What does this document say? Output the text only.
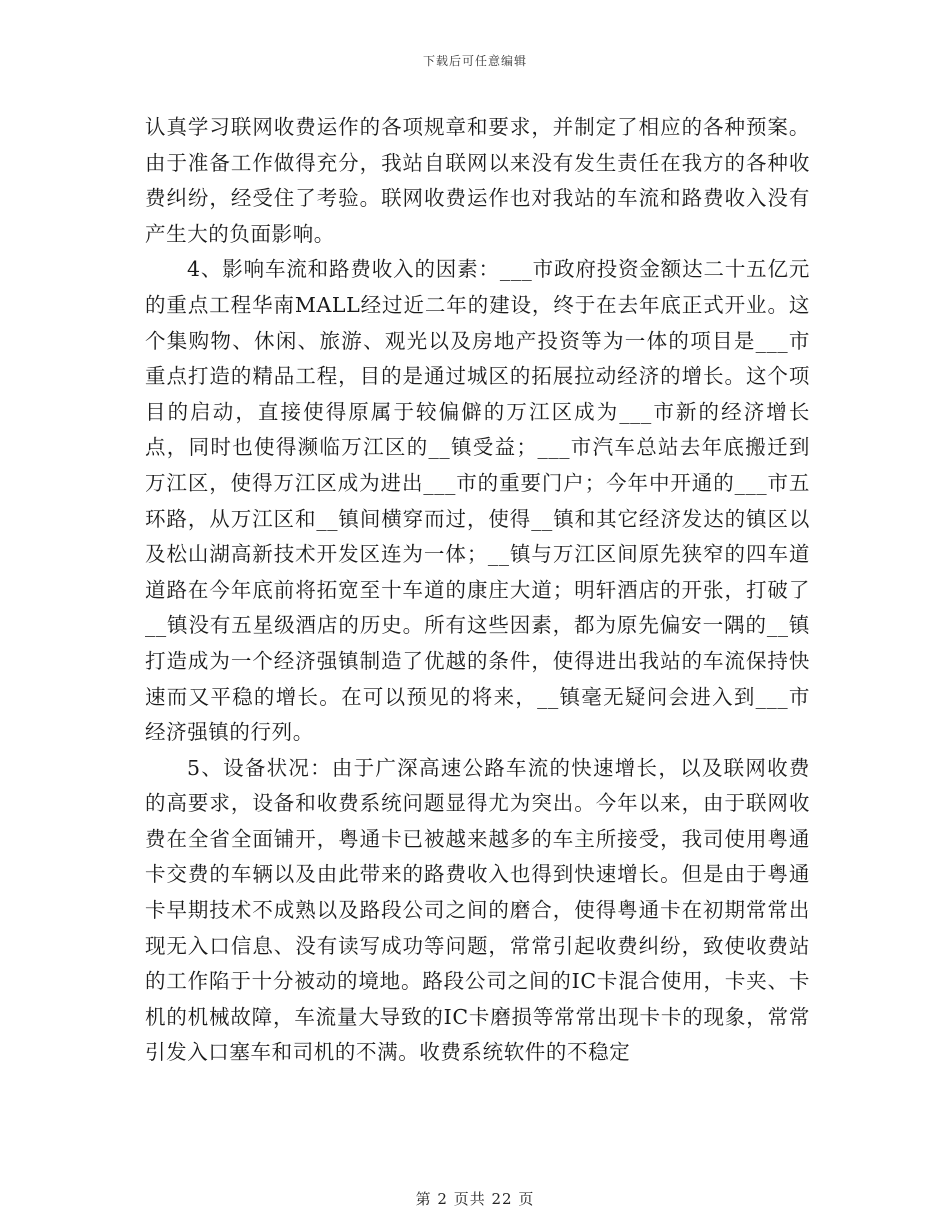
下载后可任意编辑

认真学习联网收费运作的各项规章和要求，并制定了相应的各种预案。由于准备工作做得充分，我站自联网以来没有发生责任在我方的各种收费纠纷，经受住了考验。联网收费运作也对我站的车流和路费收入没有产生大的负面影响。

4、影响车流和路费收入的因素：___市政府投资金额达二十五亿元的重点工程华南MALL经过近二年的建设，终于在去年底正式开业。这个集购物、休闲、旅游、观光以及房地产投资等为一体的项目是___市重点打造的精品工程，目的是通过城区的拓展拉动经济的增长。这个项目的启动，直接使得原属于较偏僻的万江区成为___市新的经济增长点，同时也使得濒临万江区的__镇受益；___市汽车总站去年底搬迁到万江区，使得万江区成为进出___市的重要门户；今年中开通的___市五环路，从万江区和__镇间横穿而过，使得__镇和其它经济发达的镇区以及松山湖高新技术开发区连为一体；__镇与万江区间原先狭窄的四车道道路在今年底前将拓宽至十车道的康庄大道；明轩酒店的开张，打破了__镇没有五星级酒店的历史。所有这些因素，都为原先偏安一隅的__镇打造成为一个经济强镇制造了优越的条件，使得进出我站的车流保持快速而又平稳的增长。在可以预见的将来，__镇毫无疑问会进入到___市经济强镇的行列。

5、设备状况：由于广深高速公路车流的快速增长，以及联网收费的高要求，设备和收费系统问题显得尤为突出。今年以来，由于联网收费在全省全面铺开，粤通卡已被越来越多的车主所接受，我司使用粤通卡交费的车辆以及由此带来的路费收入也得到快速增长。但是由于粤通卡早期技术不成熟以及路段公司之间的磨合，使得粤通卡在初期常常出现无入口信息、没有读写成功等问题，常常引起收费纠纷，致使收费站的工作陷于十分被动的境地。路段公司之间的IC卡混合使用，卡夹、卡机的机械故障，车流量大导致的IC卡磨损等常常出现卡卡的现象，常常引发入口塞车和司机的不满。收费系统软件的不稳定

第 2 页共 22 页
